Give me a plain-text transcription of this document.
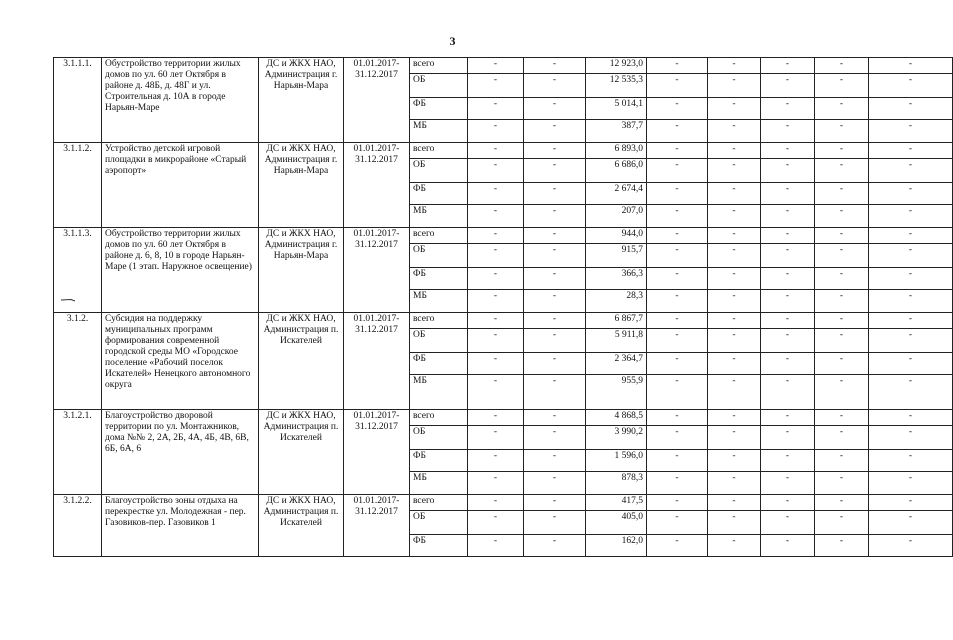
3
3.1.1.1.	Обустройство территории жилых домов по ул. 60 лет Октября в районе д. 48Б, д. 48Г и ул. Строительная д. 10А в городе Нарьян-Маре	ДС и ЖКХ НАО, Администрация г. Нарьян-Мара	01.01.2017-31.12.2017	всего	-	-	12 923,0	-	-	-	-	-
				ОБ	-	-	12 535,3	-	-	-	-	-
				ФБ	-	-	5 014,1	-	-	-	-	-
				МБ	-	-	387,7	-	-	-	-	-
3.1.1.2.	Устройство детской игровой площадки в микрорайоне «Старый аэропорт»	ДС и ЖКХ НАО, Администрация г. Нарьян-Мара	01.01.2017-31.12.2017	всего	-	-	6 893,0	-	-	-	-	-
				ОБ	-	-	6 686,0	-	-	-	-	-
				ФБ	-	-	2 674,4	-	-	-	-	-
				МБ	-	-	207,0	-	-	-	-	-
3.1.1.3.	Обустройство территории жилых домов по ул. 60 лет Октября в районе д. 6, 8, 10 в городе Нарьян-Маре (1 этап. Наружное освещение)	ДС и ЖКХ НАО, Администрация г. Нарьян-Мара	01.01.2017-31.12.2017	всего	-	-	944,0	-	-	-	-	-
				ОБ	-	-	915,7	-	-	-	-	-
				ФБ	-	-	366,3	-	-	-	-	-
				МБ	-	-	28,3	-	-	-	-	-
3.1.2.	Субсидия на поддержку муниципальных программ формирования современной городской среды МО «Городское поселение «Рабочий поселок Искателей» Ненецкого автономного округа	ДС и ЖКХ НАО, Администрация п. Искателей	01.01.2017-31.12.2017	всего	-	-	6 867,7	-	-	-	-	-
				ОБ	-	-	5 911,8	-	-	-	-	-
				ФБ	-	-	2 364,7	-	-	-	-	-
				МБ	-	-	955,9	-	-	-	-	-
3.1.2.1.	Благоустройство дворовой территории по ул. Монтажников, дома №№ 2, 2А, 2Б, 4А, 4Б, 4В, 6В, 6Б, 6А, 6	ДС и ЖКХ НАО, Администрация п. Искателей	01.01.2017-31.12.2017	всего	-	-	4 868,5	-	-	-	-	-
				ОБ	-	-	3 990,2	-	-	-	-	-
				ФБ	-	-	1 596,0	-	-	-	-	-
				МБ	-	-	878,3	-	-	-	-	-
3.1.2.2.	Благоустройство зоны отдыха на перекрестке ул. Молодежная - пер. Газовиков-пер. Газовиков 1	ДС и ЖКХ НАО, Администрация п. Искателей	01.01.2017-31.12.2017	всего	-	-	417,5	-	-	-	-	-
				ОБ	-	-	405,0	-	-	-	-	-
				ФБ	-	-	162,0	-	-	-	-	-
